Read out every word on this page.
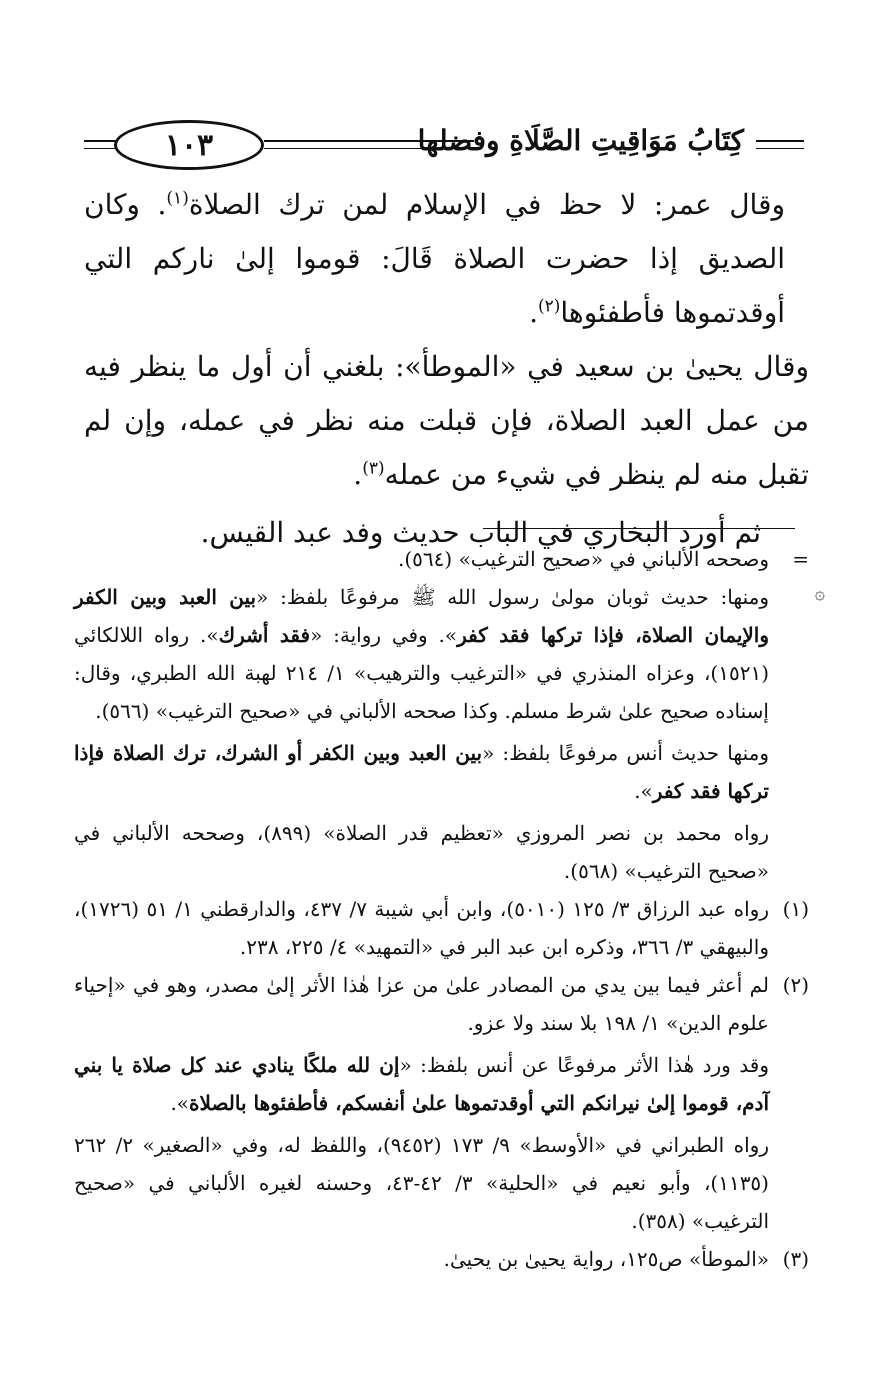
١٠٣	كِتَابُ مَوَاقِيتِ الصَّلَاةِ وفضلها

وقال عمر: لا حظ في الإسلام لمن ترك الصلاة$^{(١)}$. وكان الصديق إذا حضرت الصلاة قَالَ: قوموا إلىٰ ناركم التي أوقدتموها فأطفئوها$^{(٢)}$.

وقال يحيىٰ بن سعيد في «الموطأ»: بلغني أن أول ما ينظر فيه من عمل العبد الصلاة، فإن قبلت منه نظر في عمله، وإن لم تقبل منه لم ينظر في شيء من عمله$^{(٣)}$.

ثم أورد البخاري في الباب حديث وفد عبد القيس.

۞
=

وصححه الألباني في «صحيح الترغيب» (٥٦٤).

ومنها: حديث ثوبان مولىٰ رسول الله ﷺ مرفوعًا بلفظ: «بين العبد وبين الكفر والإيمان الصلاة، فإذا تركها فقد كفر». وفي رواية: «فقد أشرك». رواه اللالكائي (١٥٢١)، وعزاه المنذري في «الترغيب والترهيب» ١/ ٢١٤ لهبة الله الطبري، وقال: إسناده صحيح علىٰ شرط مسلم. وكذا صححه الألباني في «صحيح الترغيب» (٥٦٦).

ومنها حديث أنس مرفوعًا بلفظ: «بين العبد وبين الكفر أو الشرك، ترك الصلاة فإذا تركها فقد كفر».

رواه محمد بن نصر المروزي «تعظيم قدر الصلاة» (٨٩٩)، وصححه الألباني في «صحيح الترغيب» (٥٦٨).

(١)

رواه عبد الرزاق ٣/ ١٢٥ (٥٠١٠)، وابن أبي شيبة ٧/ ٤٣٧، والدارقطني ١/ ٥١ (١٧٢٦)، والبيهقي ٣/ ٣٦٦، وذكره ابن عبد البر في «التمهيد» ٤/ ٢٢٥، ٢٣٨.

(٢)

لم أعثر فيما بين يدي من المصادر علىٰ من عزا هٰذا الأثر إلىٰ مصدر، وهو في «إحياء علوم الدين» ١/ ١٩٨ بلا سند ولا عزو.

وقد ورد هٰذا الأثر مرفوعًا عن أنس بلفظ: «إن لله ملكًا ينادي عند كل صلاة يا بني آدم، قوموا إلىٰ نيرانكم التي أوقدتموها علىٰ أنفسكم، فأطفئوها بالصلاة».

رواه الطبراني في «الأوسط» ٩/ ١٧٣ (٩٤٥٢)، واللفظ له، وفي «الصغير» ٢/ ٢٦٢ (١١٣٥)، وأبو نعيم في «الحلية» ٣/ ٤٢-٤٣، وحسنه لغيره الألباني في «صحيح الترغيب» (٣٥٨).

(٣)

«الموطأ» ص١٢٥، رواية يحيىٰ بن يحيىٰ.
